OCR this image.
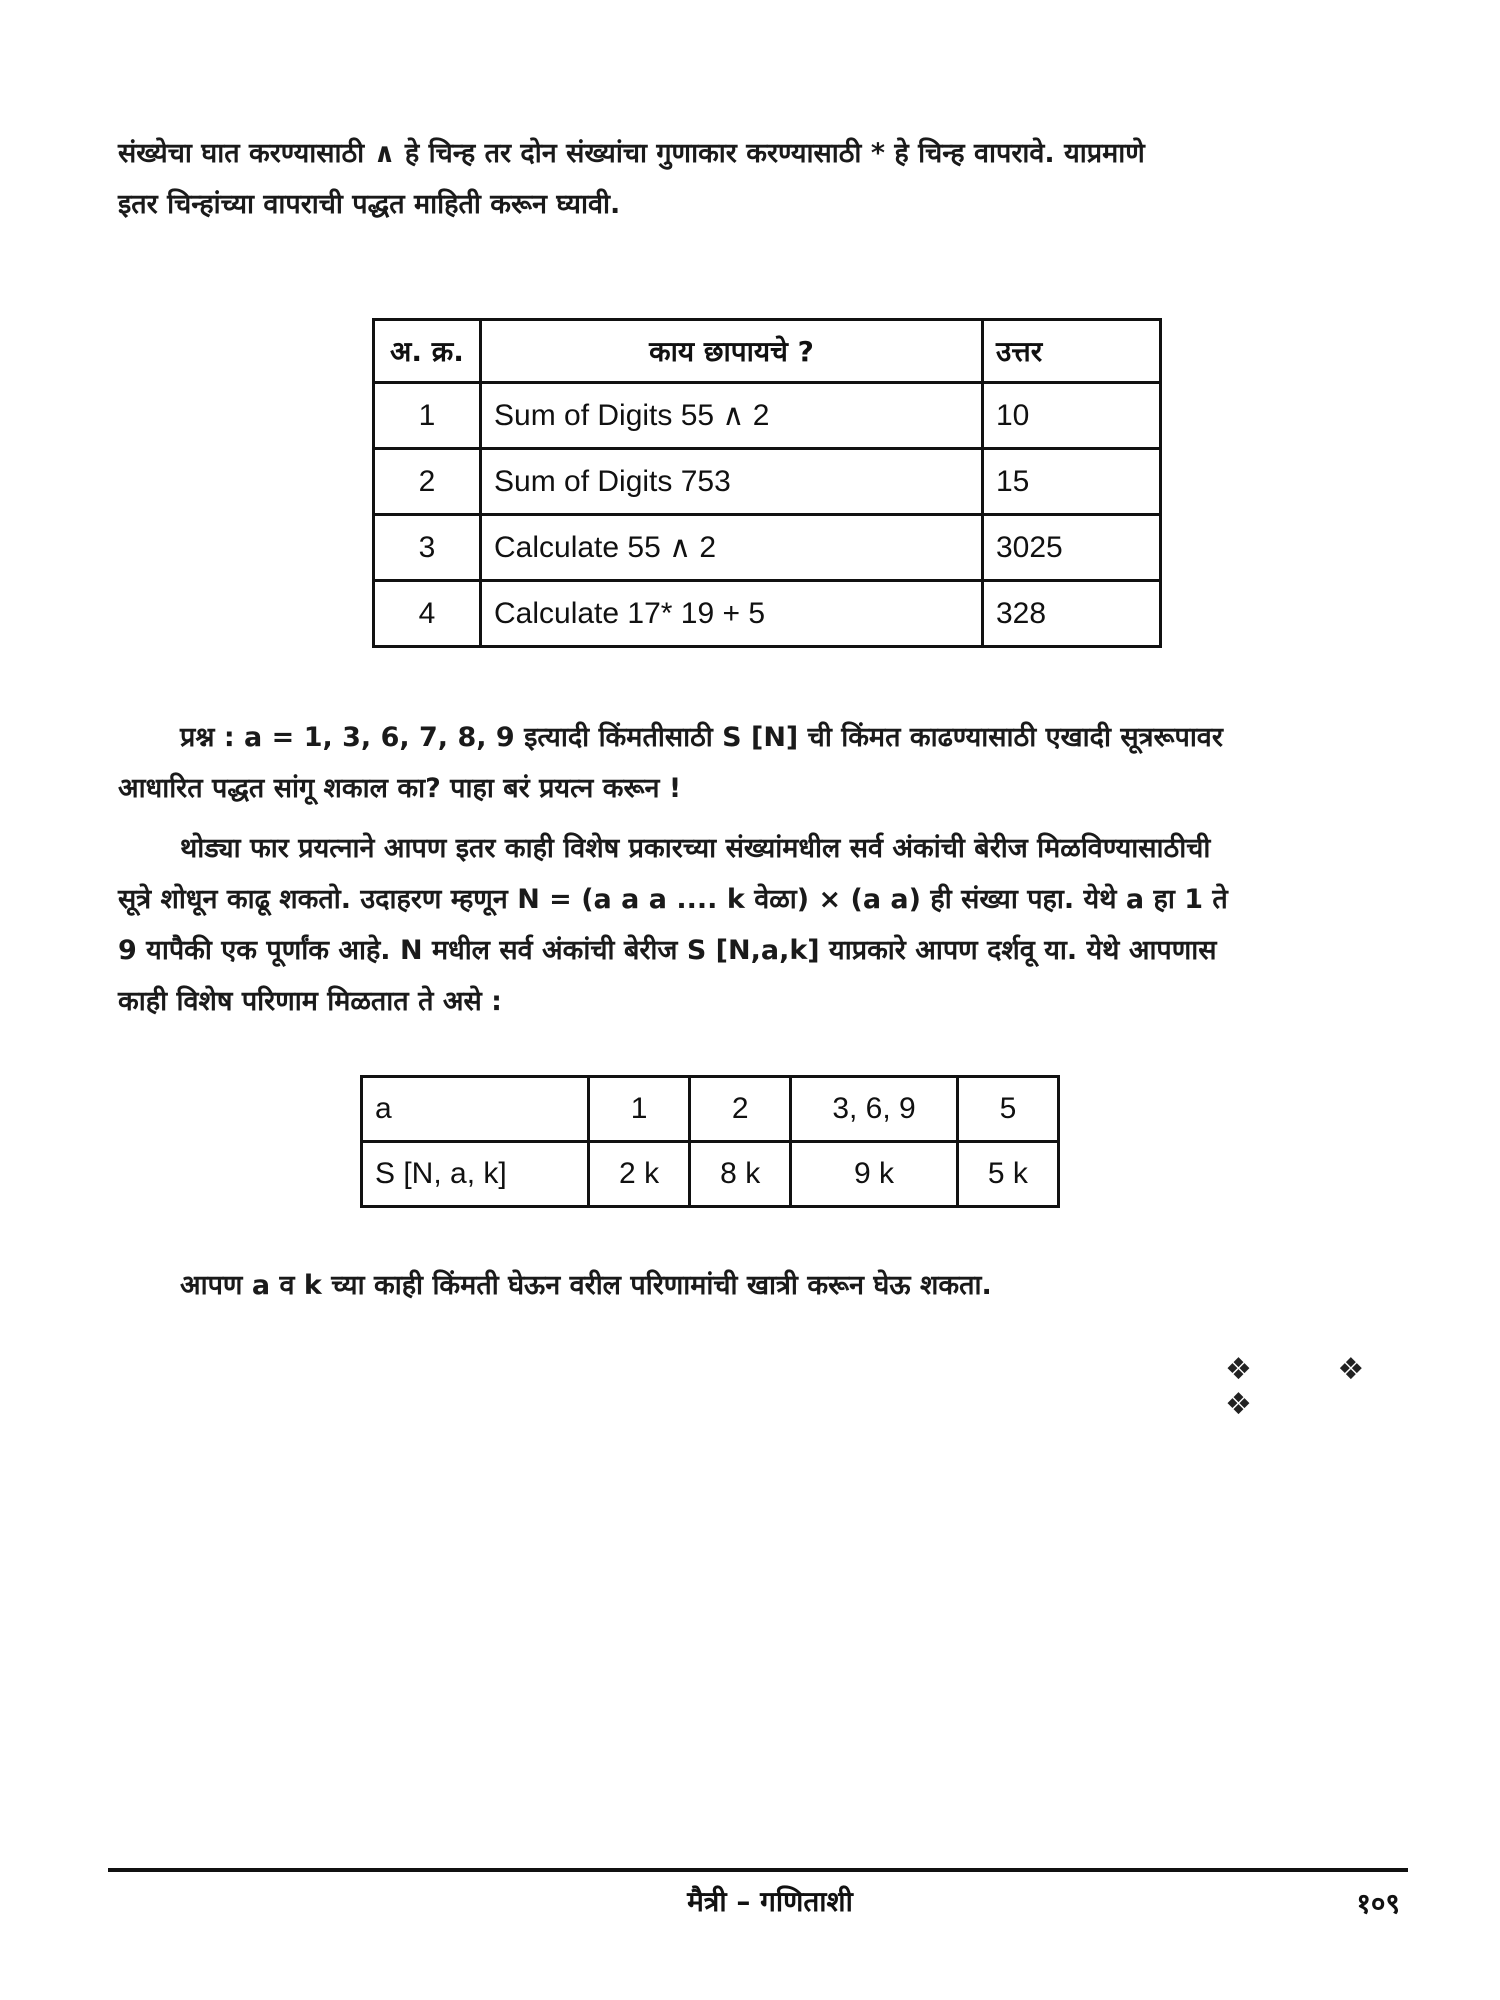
संख्येचा घात करण्यासाठी ∧ हे चिन्ह तर दोन संख्यांचा गुणाकार करण्यासाठी * हे चिन्ह वापरावे. याप्रमाणे
इतर चिन्हांच्या वापराची पद्धत माहिती करून घ्यावी.
अ. क्र.	काय छापायचे ?	उत्तर
1	Sum of Digits 55 ∧ 2	10
2	Sum of Digits 753	15
3	Calculate 55 ∧ 2	3025
4	Calculate 17* 19 + 5	328
प्रश्न : a = 1, 3, 6, 7, 8, 9 इत्यादी किंमतीसाठी S [N] ची किंमत काढण्यासाठी एखादी सूत्ररूपावर
आधारित पद्धत सांगू शकाल का? पाहा बरं प्रयत्न करून !
थोड्या फार प्रयत्नाने आपण इतर काही विशेष प्रकारच्या संख्यांमधील सर्व अंकांची बेरीज मिळविण्यासाठीची
सूत्रे शोधून काढू शकतो. उदाहरण म्हणून N = (a a a .... k वेळा) × (a a) ही संख्या पहा. येथे a हा 1 ते
9 यापैकी एक पूर्णांक आहे. N मधील सर्व अंकांची बेरीज S [N,a,k] याप्रकारे आपण दर्शवू या. येथे आपणास
काही विशेष परिणाम मिळतात ते असे :
a	1	2	3, 6, 9	5
S [N, a, k]	2 k	8 k	9 k	5 k
आपण a व k च्या काही किंमती घेऊन वरील परिणामांची खात्री करून घेऊ शकता.
❖ ❖ ❖
मैत्री – गणिताशी	१०९
